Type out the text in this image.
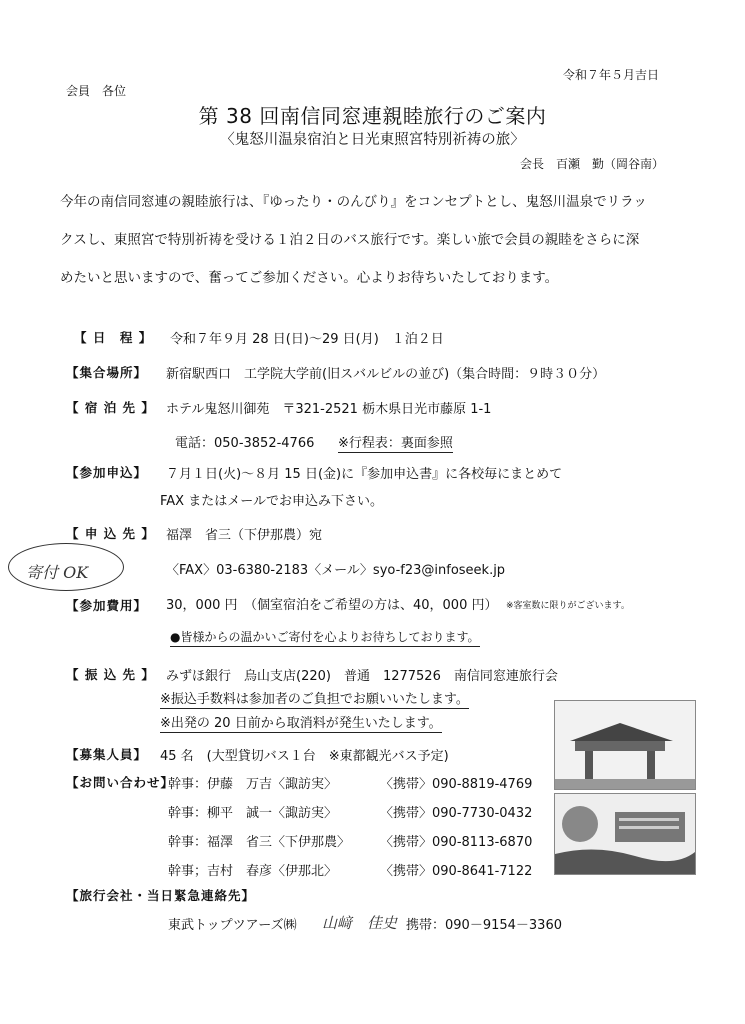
令和７年５月吉日
会員　各位
第 38 回南信同窓連親睦旅行のご案内
〈鬼怒川温泉宿泊と日光東照宮特別祈祷の旅〉
会長　百瀬　勤（岡谷南）

今年の南信同窓連の親睦旅行は、『ゆったり・のんびり』をコンセプトとし、鬼怒川温泉でリラッ

クスし、東照宮で特別祈祷を受ける１泊２日のバス旅行です。楽しい旅で会員の親睦をさらに深

めたいと思いますので、奮ってご参加ください。心よりお待ちいたしております。

【 日　程 】 令和７年９月 28 日(日)～29 日(月)　１泊２日
【集合場所】 新宿駅西口　工学院大学前(旧スバルビルの並び)（集合時間：９時３０分）
【 宿 泊 先 】 ホテル鬼怒川御苑　〒321-2521 栃木県日光市藤原 1-1
電話：050-3852-4766 ※行程表：裏面参照
【参加申込】 ７月１日(火)～８月 15 日(金)に『参加申込書』に各校毎にまとめて
FAX またはメールでお申込み下さい。
【 申 込 先 】 福澤　省三（下伊那農）宛
〈FAX〉03-6380-2183〈メール〉syo-f23@infoseek.jp
寄付 OK
【参加費用】 30，000 円　（個室宿泊をご希望の方は、40，000 円） ※客室数に限りがございます。
●皆様からの温かいご寄付を心よりお待ちしております。
【 振 込 先 】 みずほ銀行　烏山支店(220)　普通　1277526　南信同窓連旅行会
※振込手数料は参加者のご負担でお願いいたします。
※出発の 20 日前から取消料が発生いたします。
【募集人員】 45 名　(大型貸切バス１台　※東都観光バス予定)
【お問い合わせ】
幹事：伊藤　万吉〈諏訪実〉	〈携帯〉090-8819-4769
幹事：柳平　誠一〈諏訪実〉	〈携帯〉090-7730-0432
幹事：福澤　省三〈下伊那農〉 〈携帯〉090-8113-6870
幹事；吉村　春彦〈伊那北〉	〈携帯〉090-8641-7122
【旅行会社・当日緊急連絡先】
東武トップツアーズ㈱ 山﨑　佳史 携帯：090－9154－3360
